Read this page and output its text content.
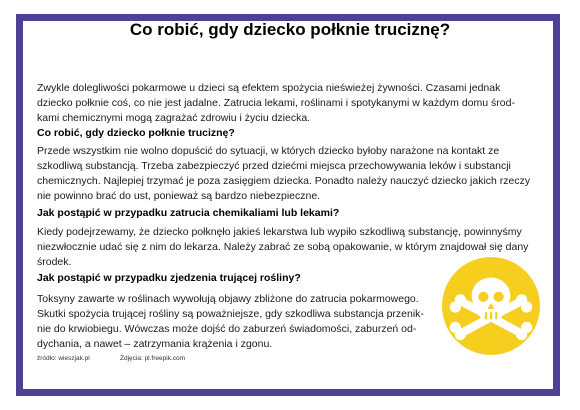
Co robić, gdy dziecko połknie truciznę?

Zwykle dolegliwości pokarmowe u dzieci są efektem spożycia nieświeżej żywności. Czasami jednak
dziecko połknie coś, co nie jest jadalne. Zatrucia lekami, roślinami i spotykanymi w każdym domu środ-
kami chemicznymi mogą zagrażać zdrowiu i życiu dziecka.

Co robić, gdy dziecko połknie truciznę?

Przede wszystkim nie wolno dopuścić do sytuacji, w których dziecko byłoby narażone na kontakt ze
szkodliwą substancją. Trzeba zabezpieczyć przed dziećmi miejsca przechowywania leków i substancji
chemicznych. Najlepiej trzymać je poza zasięgiem dziecka. Ponadto należy nauczyć dziecko jakich rzeczy
nie powinno brać do ust, ponieważ są bardzo niebezpieczne.

Jak postąpić w przypadku zatrucia chemikaliami lub lekami?

Kiedy podejrzewamy, że dziecko połknęło jakieś lekarstwa lub wypiło szkodliwą substancję, powinnyśmy
niezwłocznie udać się z nim do lekarza. Należy zabrać ze sobą opakowanie, w którym znajdował się dany
środek.

Jak postąpić w przypadku zjedzenia trującej rośliny?

Toksyny zawarte w roślinach wywołują objawy zbliżone do zatrucia pokarmowego.
Skutki spożycia trującej rośliny są poważniejsze, gdy szkodliwa substancja przenik-
nie do krwiobiegu. Wówczas może dojść do zaburzeń świadomości, zaburzeń od-
dychania, a nawet – zatrzymania krążenia i zgonu.

źródło: wieszjak.pl	Zdjęcia: pl.freepik.com
